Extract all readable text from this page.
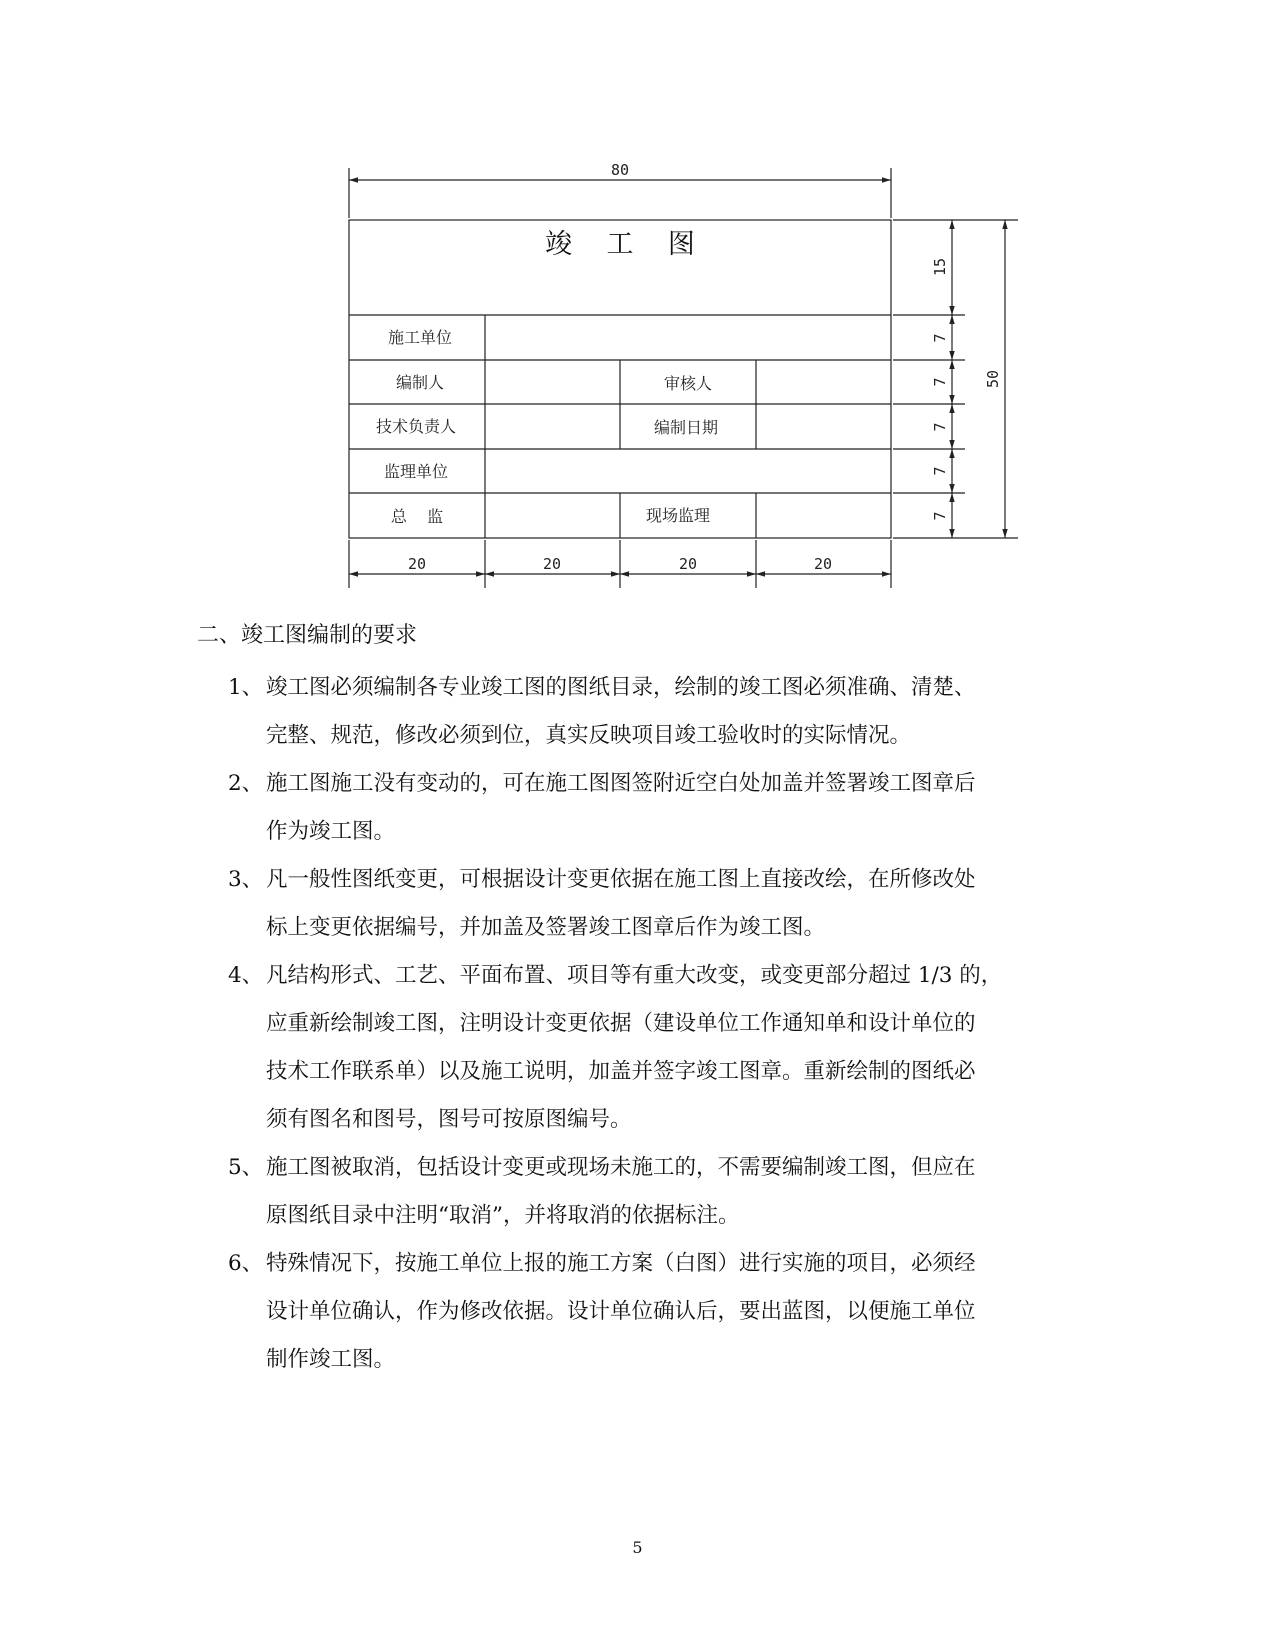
80
15
7
7
7
7
7
50
20	20	20	20
竣    工    图
施工单位
编制人	审核人
技术负责人	编制日期
监理单位
总    监	现场监理
二、竣工图编制的要求
1、 竣工图必须编制各专业竣工图的图纸目录，绘制的竣工图必须准确、清楚、
完整、规范，修改必须到位，真实反映项目竣工验收时的实际情况。
2、 施工图施工没有变动的，可在施工图图签附近空白处加盖并签署竣工图章后
作为竣工图。
3、 凡一般性图纸变更，可根据设计变更依据在施工图上直接改绘，在所修改处
标上变更依据编号，并加盖及签署竣工图章后作为竣工图。
4、 凡结构形式、工艺、平面布置、项目等有重大改变，或变更部分超过 1/3 的，
应重新绘制竣工图，注明设计变更依据（建设单位工作通知单和设计单位的
技术工作联系单）以及施工说明，加盖并签字竣工图章。重新绘制的图纸必
须有图名和图号，图号可按原图编号。
5、 施工图被取消，包括设计变更或现场未施工的，不需要编制竣工图，但应在
原图纸目录中注明“取消”，并将取消的依据标注。
6、 特殊情况下，按施工单位上报的施工方案（白图）进行实施的项目，必须经
设计单位确认，作为修改依据。设计单位确认后，要出蓝图，以便施工单位
制作竣工图。
5
